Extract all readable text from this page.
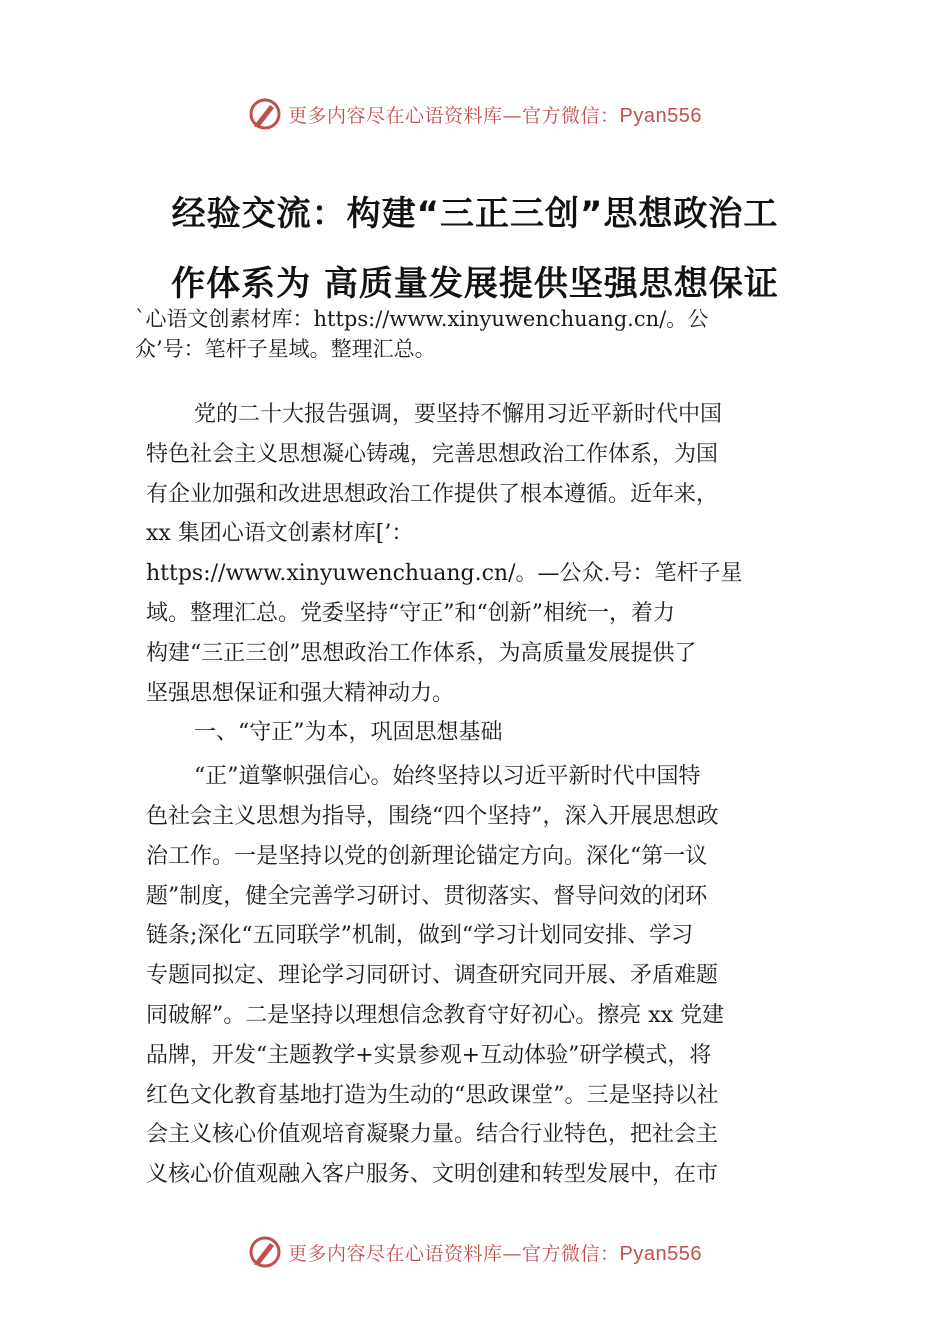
更多内容尽在心语资料库—官方微信：Pyan556
经验交流：构建“三正三创”思想政治工
作体系为 高质量发展提供坚强思想保证

`心语文创素材库：https://www.xinyuwenchuang.cn/。公

众’号：笔杆子星域。整理汇总。

党的二十大报告强调，要坚持不懈用习近平新时代中国
特色社会主义思想凝心铸魂，完善思想政治工作体系，为国
有企业加强和改进思想政治工作提供了根本遵循。近年来，
xx 集团心语文创素材库[’：
https://www.xinyuwenchuang.cn/。—公众.号：笔杆子星
域。整理汇总。党委坚持“守正”和“创新”相统一，着力
构建“三正三创”思想政治工作体系，为高质量发展提供了
坚强思想保证和强大精神动力。
一、“守正”为本，巩固思想基础
“正”道擎帜强信心。始终坚持以习近平新时代中国特
色社会主义思想为指导，围绕“四个坚持”，深入开展思想政
治工作。一是坚持以党的创新理论锚定方向。深化“第一议
题”制度，健全完善学习研讨、贯彻落实、督导问效的闭环
链条;深化“五同联学”机制，做到“学习计划同安排、学习
专题同拟定、理论学习同研讨、调查研究同开展、矛盾难题
同破解”。二是坚持以理想信念教育守好初心。擦亮 xx 党建
品牌，开发“主题教学+实景参观+互动体验”研学模式，将
红色文化教育基地打造为生动的“思政课堂”。三是坚持以社
会主义核心价值观培育凝聚力量。结合行业特色，把社会主
义核心价值观融入客户服务、文明创建和转型发展中，在市
更多内容尽在心语资料库—官方微信：Pyan556
